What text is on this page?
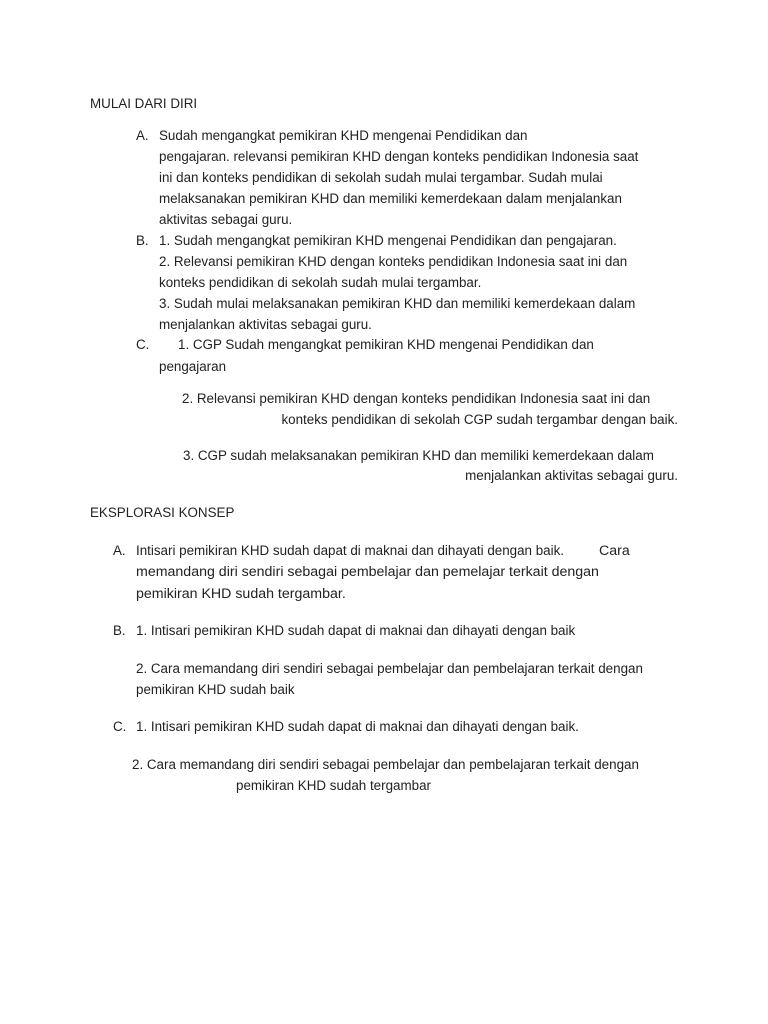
MULAI DARI DIRI
A. Sudah mengangkat pemikiran KHD mengenai Pendidikan dan
pengajaran. relevansi pemikiran KHD dengan konteks pendidikan Indonesia saat
ini dan konteks pendidikan di sekolah sudah mulai tergambar. Sudah mulai
melaksanakan pemikiran KHD dan memiliki kemerdekaan dalam menjalankan
aktivitas sebagai guru.
B. 1. Sudah mengangkat pemikiran KHD mengenai Pendidikan dan pengajaran.
2. Relevansi pemikiran KHD dengan konteks pendidikan Indonesia saat ini dan
konteks pendidikan di sekolah sudah mulai tergambar.
3. Sudah mulai melaksanakan pemikiran KHD dan memiliki kemerdekaan dalam
menjalankan aktivitas sebagai guru.
C. 1. CGP Sudah mengangkat pemikiran KHD mengenai Pendidikan dan
pengajaran
2. Relevansi pemikiran KHD dengan konteks pendidikan Indonesia saat ini dan
konteks pendidikan di sekolah CGP sudah tergambar dengan baik.
3. CGP sudah melaksanakan pemikiran KHD dan memiliki kemerdekaan dalam
menjalankan aktivitas sebagai guru.
EKSPLORASI KONSEP
A. Intisari pemikiran KHD sudah dapat di maknai dan dihayati dengan baik. Cara
memandang diri sendiri sebagai pembelajar dan pemelajar terkait dengan
pemikiran KHD sudah tergambar.
B. 1. Intisari pemikiran KHD sudah dapat di maknai dan dihayati dengan baik
2. Cara memandang diri sendiri sebagai pembelajar dan pembelajaran terkait dengan
pemikiran KHD sudah baik
C. 1. Intisari pemikiran KHD sudah dapat di maknai dan dihayati dengan baik.
2. Cara memandang diri sendiri sebagai pembelajar dan pembelajaran terkait dengan
pemikiran KHD sudah tergambar
